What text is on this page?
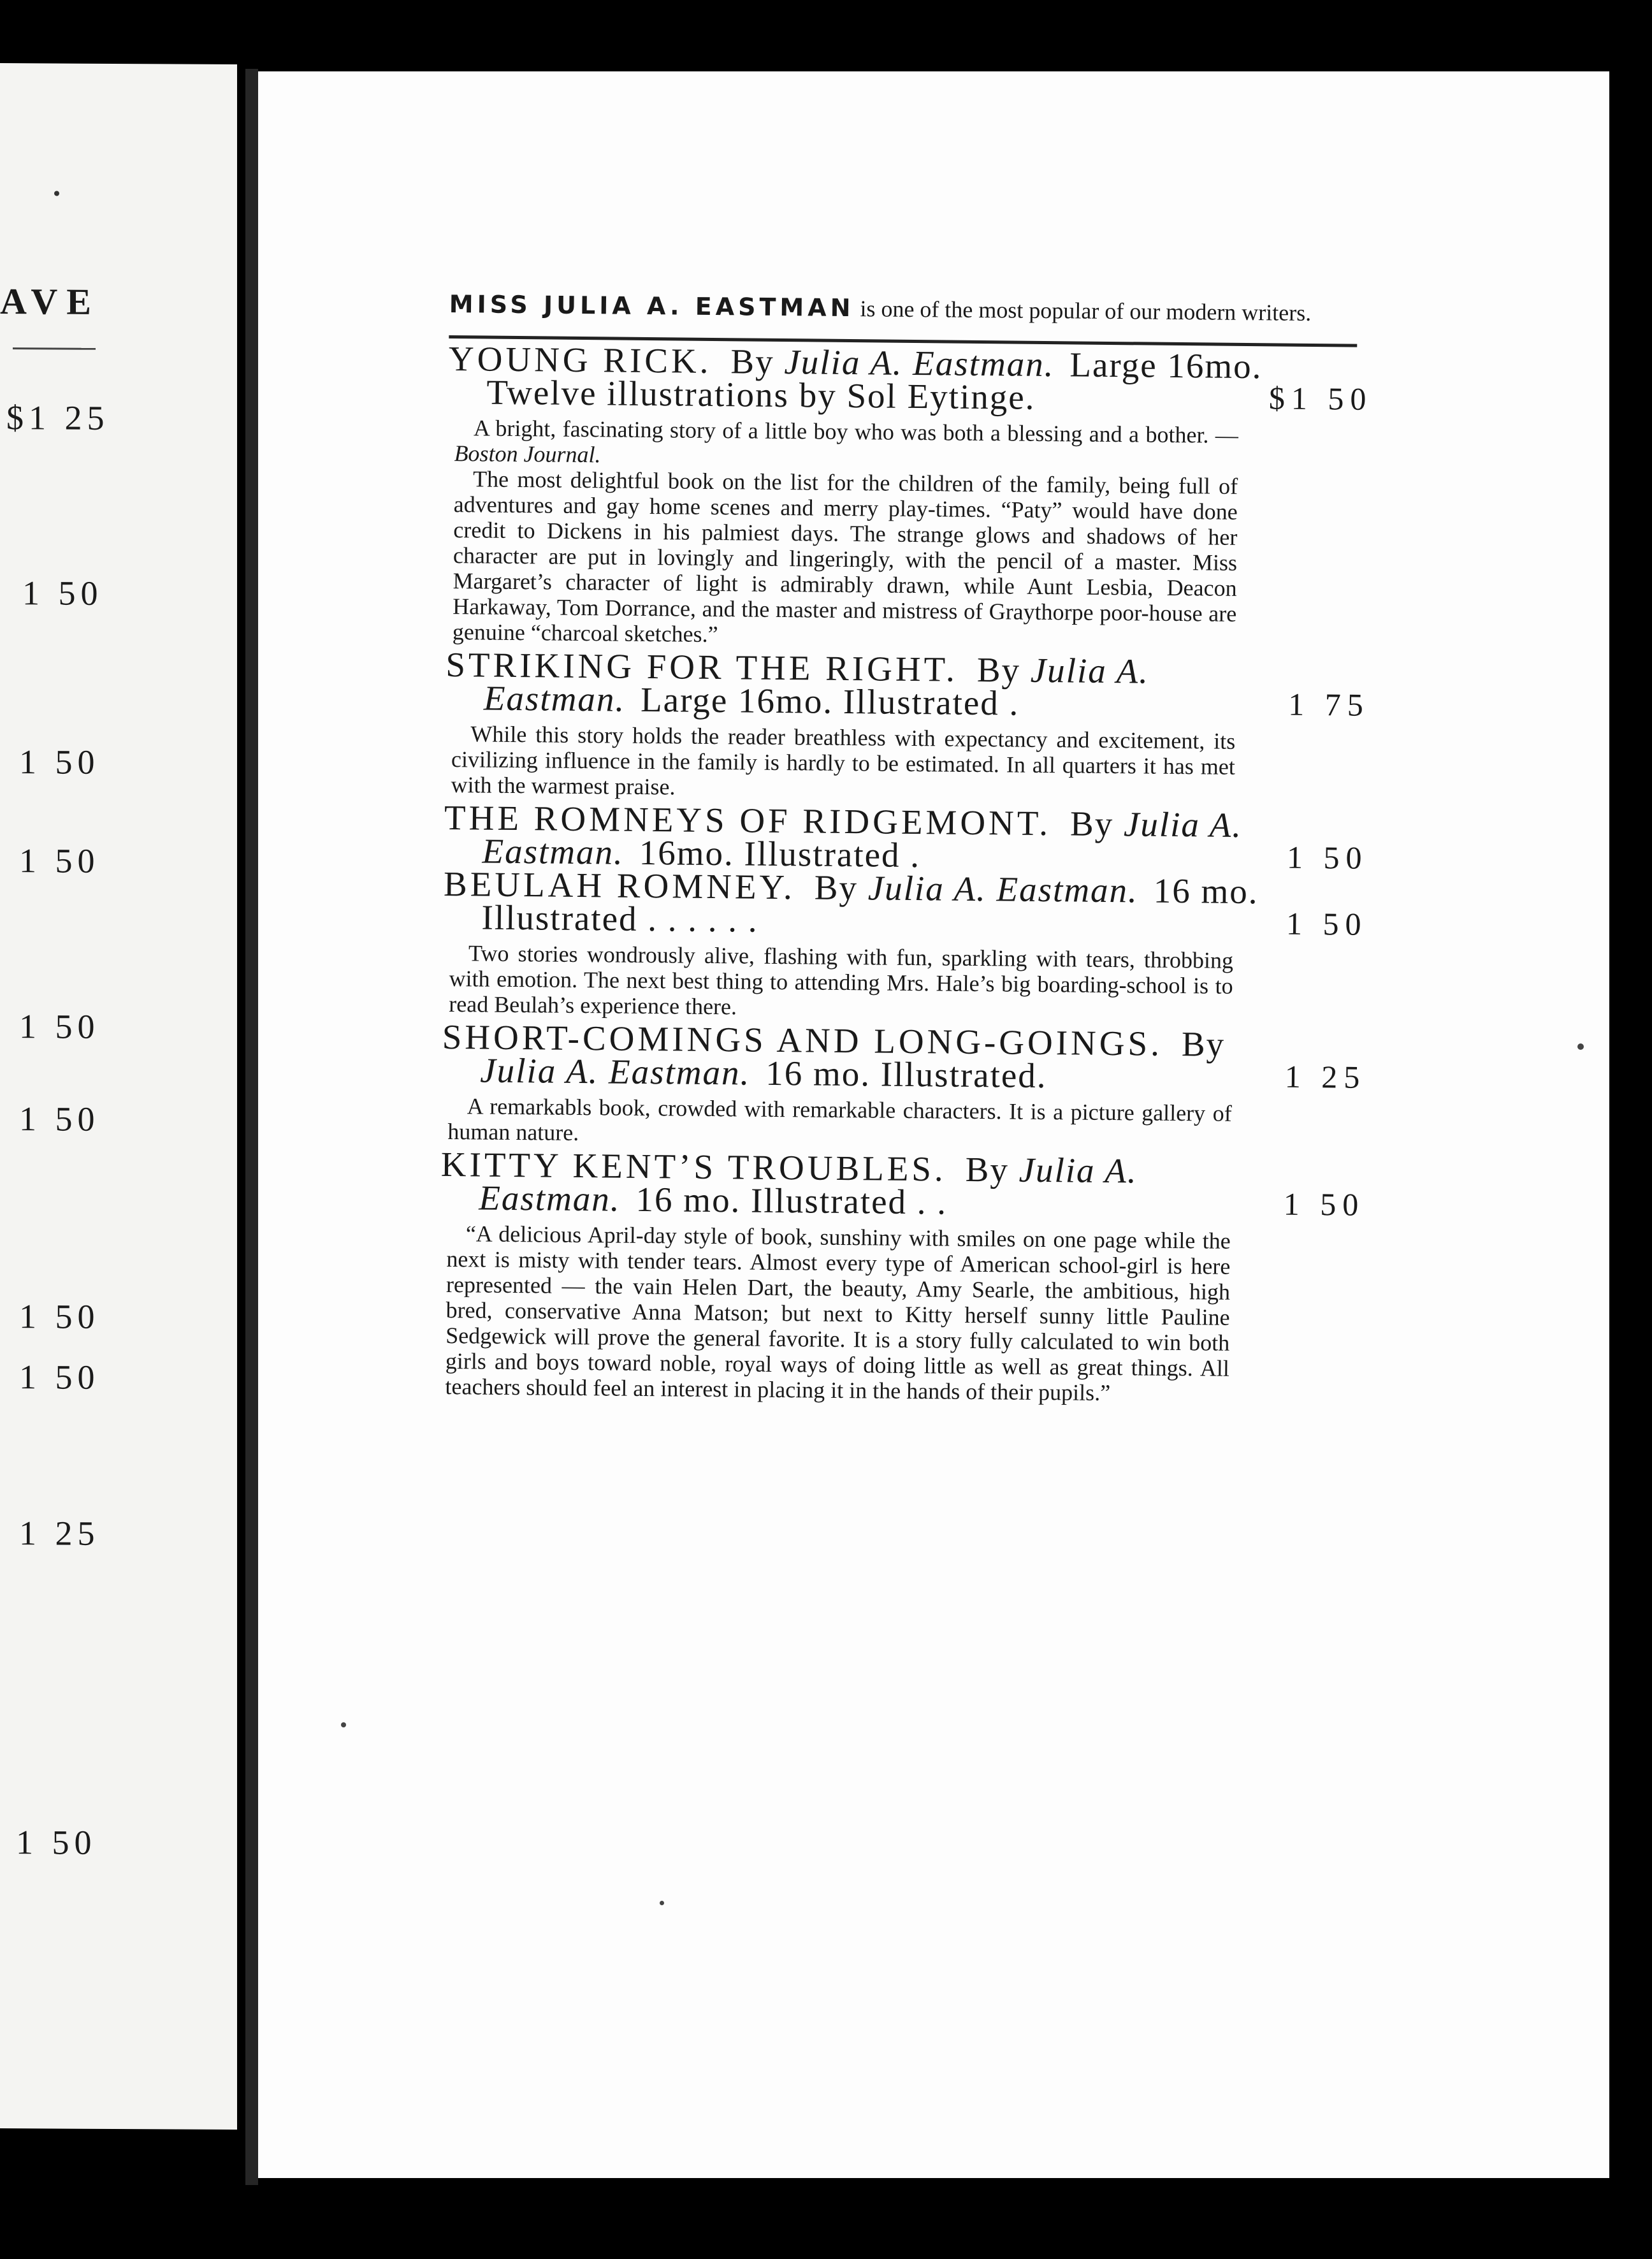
AVE
$1 25
1 50
1 50
1 50
1 50
1 50
1 50
1 50
1 25
1 50
MISS JULIA A. EASTMAN is one of the most popular of our modern writers.
YOUNG RICK. By Julia A. Eastman. Large 16mo. Twelve illustrations by Sol Eytinge.	$1 50

A bright, fascinating story of a little boy who was both a blessing and a bother. — Boston Journal.

The most delightful book on the list for the children of the family, being full of adventures and gay home scenes and merry play-times. “Paty” would have done credit to Dickens in his palmiest days. The strange glows and shadows of her character are put in lovingly and lingeringly, with the pencil of a master. Miss Margaret’s character of light is admirably drawn, while Aunt Lesbia, Deacon Harkaway, Tom Dorrance, and the master and mistress of Graythorpe poor-house are genuine “charcoal sketches.”

STRIKING FOR THE RIGHT. By Julia A. Eastman. Large 16mo. Illustrated .	1 75

While this story holds the reader breathless with expectancy and excitement, its civilizing influence in the family is hardly to be estimated. In all quarters it has met with the warmest praise.

THE ROMNEYS OF RIDGEMONT. By Julia A. Eastman. 16mo. Illustrated .	1 50
BEULAH ROMNEY. By Julia A. Eastman. 16 mo. Illustrated . . . . . .	1 50

Two stories wondrously alive, flashing with fun, sparkling with tears, throbbing with emotion. The next best thing to attending Mrs. Hale’s big boarding-school is to read Beulah’s experience there.

SHORT-COMINGS AND LONG-GOINGS. By Julia A. Eastman. 16 mo. Illustrated.	1 25

A remarkabls book, crowded with remarkable characters. It is a picture gallery of human nature.

KITTY KENT’S TROUBLES. By Julia A. Eastman. 16 mo. Illustrated . .	1 50

“A delicious April-day style of book, sunshiny with smiles on one page while the next is misty with tender tears. Almost every type of American school-girl is here represented — the vain Helen Dart, the beauty, Amy Searle, the ambitious, high bred, conservative Anna Matson; but next to Kitty herself sunny little Pauline Sedgewick will prove the general favorite. It is a story fully calculated to win both girls and boys toward noble, royal ways of doing little as well as great things. All teachers should feel an interest in placing it in the hands of their pupils.”
